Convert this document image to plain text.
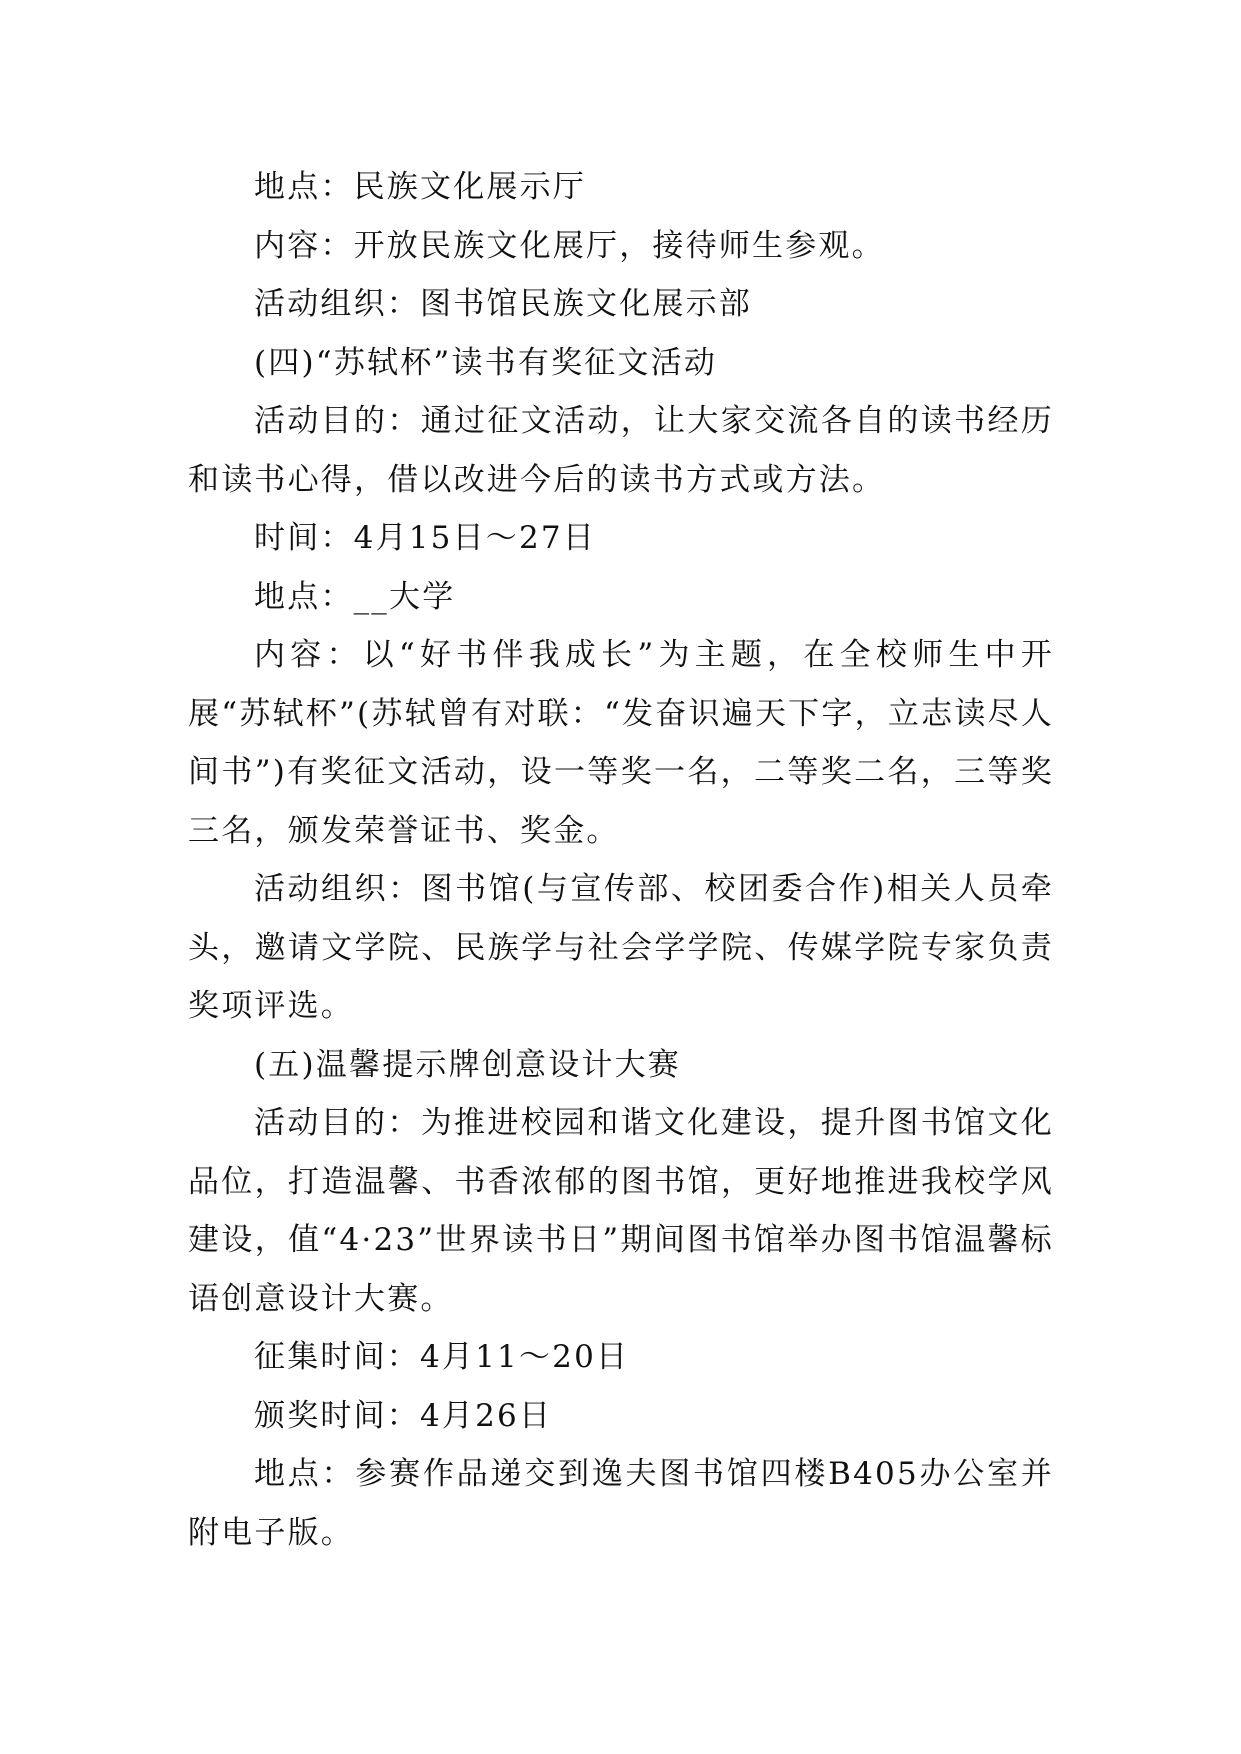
地点：民族文化展示厅

内容：开放民族文化展厅，接待师生参观。

活动组织：图书馆民族文化展示部

(四)“苏轼杯”读书有奖征文活动

活动目的：通过征文活动，让大家交流各自的读书经历和读书心得，借以改进今后的读书方式或方法。

时间：4月15日～27日

地点：__大学

内容：以“好书伴我成长”为主题，在全校师生中开展“苏轼杯”(苏轼曾有对联：“发奋识遍天下字，立志读尽人间书”)有奖征文活动，设一等奖一名，二等奖二名，三等奖三名，颁发荣誉证书、奖金。

活动组织：图书馆(与宣传部、校团委合作)相关人员牵头，邀请文学院、民族学与社会学学院、传媒学院专家负责奖项评选。

(五)温馨提示牌创意设计大赛

活动目的：为推进校园和谐文化建设，提升图书馆文化品位，打造温馨、书香浓郁的图书馆，更好地推进我校学风建设，值“4·23”世界读书日”期间图书馆举办图书馆温馨标语创意设计大赛。

征集时间：4月11～20日

颁奖时间：4月26日

地点：参赛作品递交到逸夫图书馆四楼B405办公室并附电子版。
